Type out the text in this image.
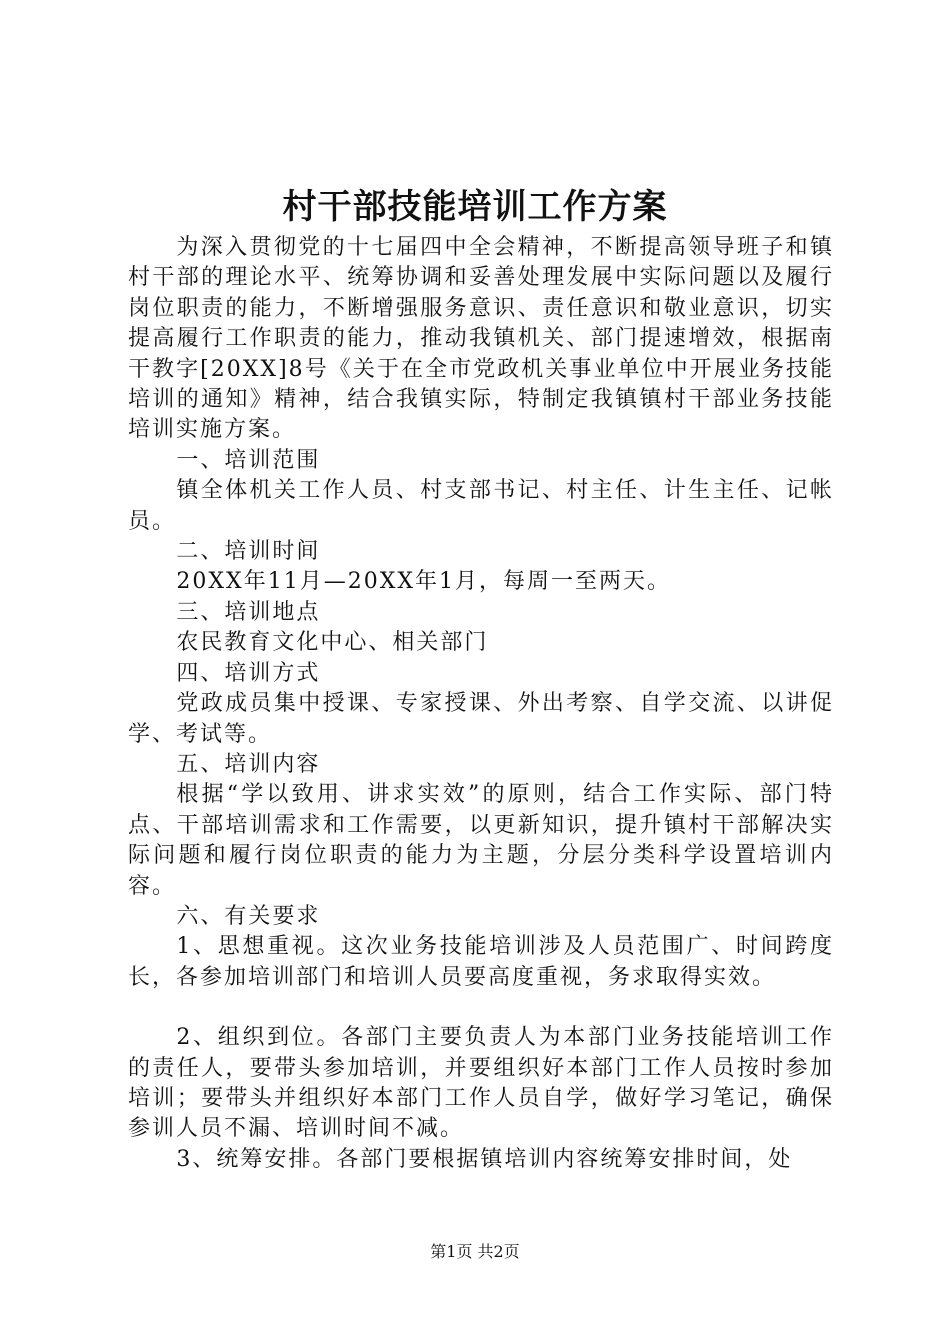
村干部技能培训工作方案

为深入贯彻党的十七届四中全会精神，不断提高领导班子和镇村干部的理论水平、统筹协调和妥善处理发展中实际问题以及履行岗位职责的能力，不断增强服务意识、责任意识和敬业意识，切实提高履行工作职责的能力，推动我镇机关、部门提速增效，根据南干教字[20XX]8号《关于在全市党政机关事业单位中开展业务技能培训的通知》精神，结合我镇实际，特制定我镇镇村干部业务技能培训实施方案。

一、培训范围

镇全体机关工作人员、村支部书记、村主任、计生主任、记帐员。

二、培训时间

20XX年11月—20XX年1月，每周一至两天。

三、培训地点

农民教育文化中心、相关部门

四、培训方式

党政成员集中授课、专家授课、外出考察、自学交流、以讲促学、考试等。

五、培训内容

根据“学以致用、讲求实效”的原则，结合工作实际、部门特点、干部培训需求和工作需要，以更新知识，提升镇村干部解决实际问题和履行岗位职责的能力为主题，分层分类科学设置培训内容。

六、有关要求

1、思想重视。这次业务技能培训涉及人员范围广、时间跨度长，各参加培训部门和培训人员要高度重视，务求取得实效。

2、组织到位。各部门主要负责人为本部门业务技能培训工作的责任人，要带头参加培训，并要组织好本部门工作人员按时参加培训；要带头并组织好本部门工作人员自学，做好学习笔记，确保参训人员不漏、培训时间不减。

3、统筹安排。各部门要根据镇培训内容统筹安排时间，处

第1页 共2页
